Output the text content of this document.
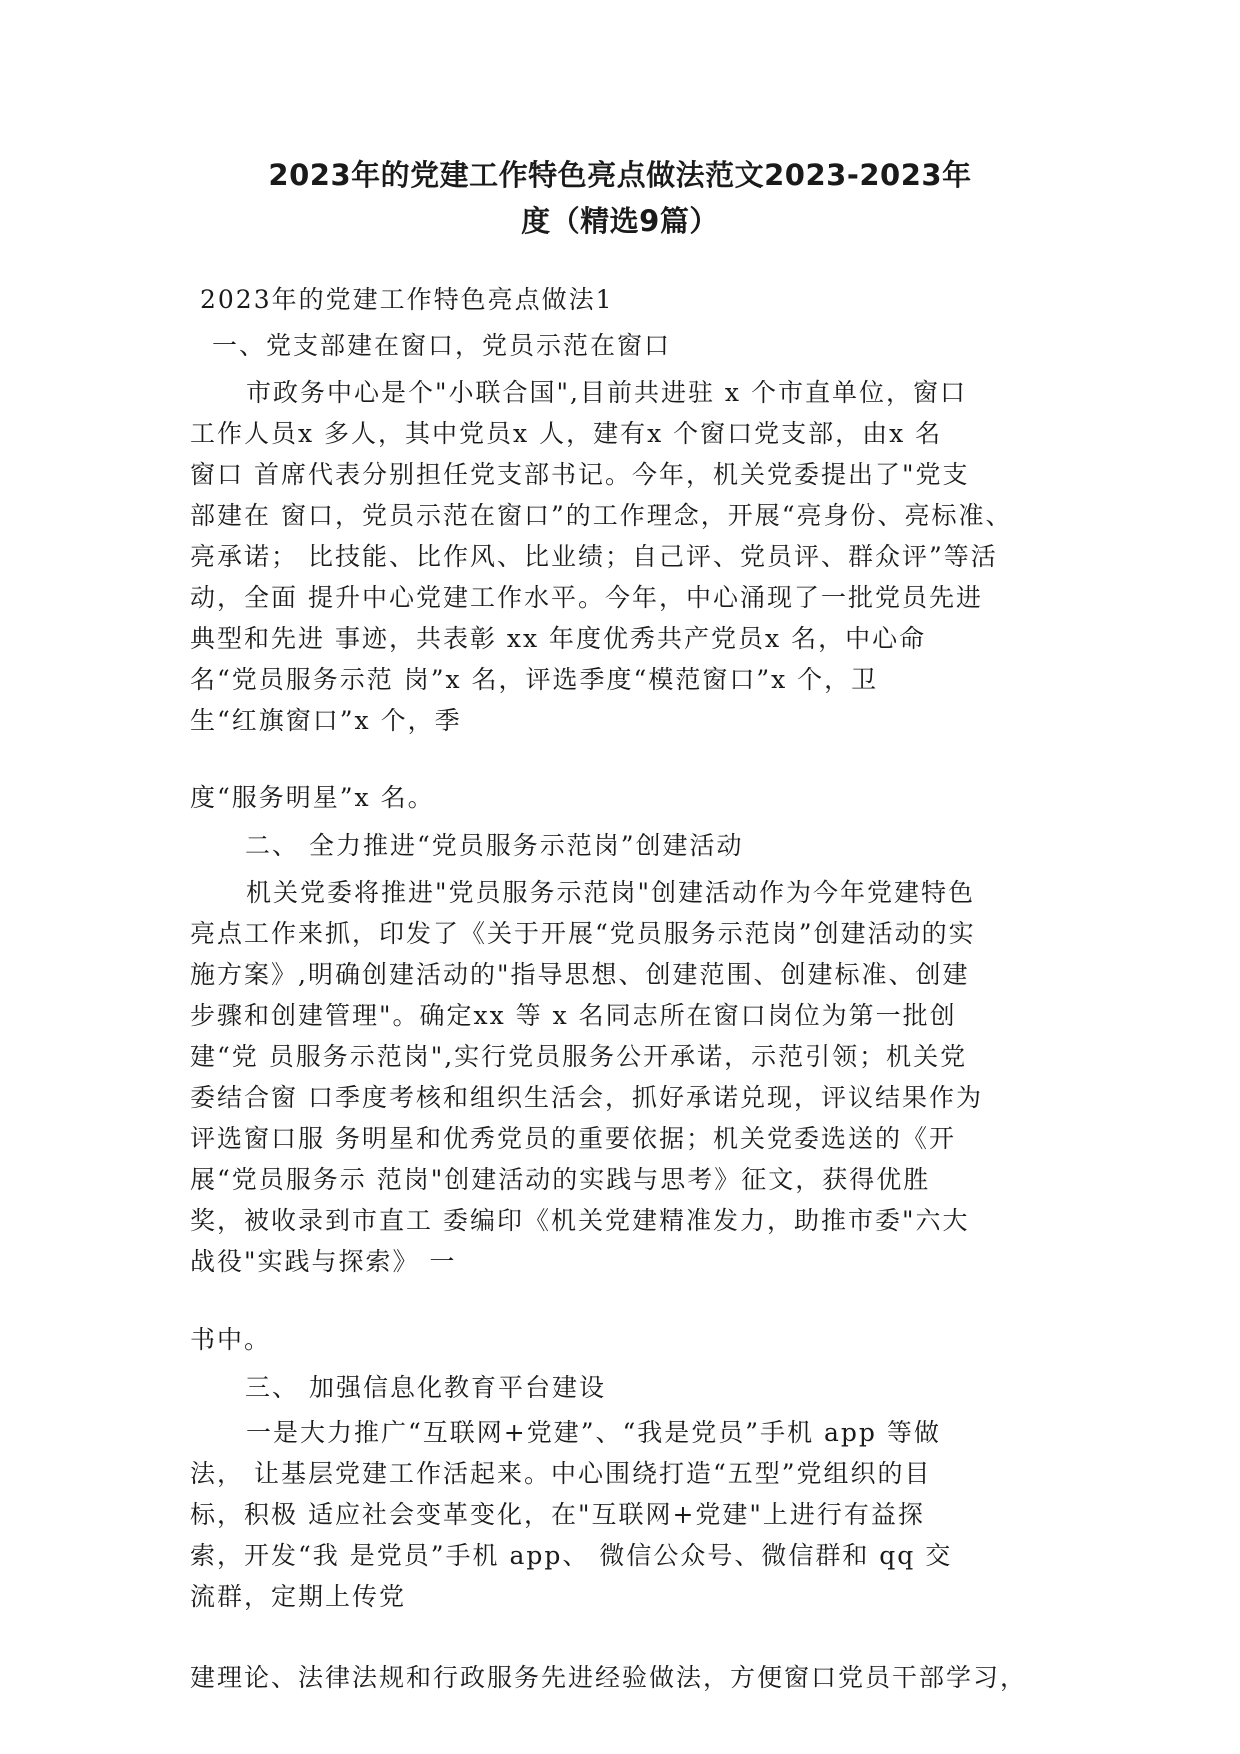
2023年的党建工作特色亮点做法范文2023-2023年
度（精选9篇）

2023年的党建工作特色亮点做法1

一、党支部建在窗口，党员示范在窗口

市政务中心是个"小联合国",目前共进驻 x 个市直单位，窗口
工作人员x 多人，其中党员x 人，建有x 个窗口党支部，由x 名
窗口 首席代表分别担任党支部书记。今年，机关党委提出了"党支
部建在 窗口，党员示范在窗口”的工作理念，开展“亮身份、亮标准、
亮承诺； 比技能、比作风、比业绩；自己评、党员评、群众评”等活
动，全面 提升中心党建工作水平。今年，中心涌现了一批党员先进
典型和先进 事迹，共表彰 xx 年度优秀共产党员x 名，中心命
名“党员服务示范 岗”x 名，评选季度“模范窗口”x 个，卫
生“红旗窗口”x 个，季

度“服务明星”x 名。

二、 全力推进“党员服务示范岗”创建活动

机关党委将推进"党员服务示范岗"创建活动作为今年党建特色
亮点工作来抓，印发了《关于开展“党员服务示范岗”创建活动的实
施方案》,明确创建活动的"指导思想、创建范围、创建标准、创建
步骤和创建管理"。确定xx 等 x 名同志所在窗口岗位为第一批创
建“党 员服务示范岗",实行党员服务公开承诺，示范引领；机关党
委结合窗 口季度考核和组织生活会，抓好承诺兑现，评议结果作为
评选窗口服 务明星和优秀党员的重要依据；机关党委选送的《开
展“党员服务示 范岗"创建活动的实践与思考》征文，获得优胜
奖，被收录到市直工 委编印《机关党建精准发力，助推市委"六大
战役"实践与探索》 一

书中。

三、 加强信息化教育平台建设

一是大力推广“互联网+党建”、“我是党员”手机 app 等做
法， 让基层党建工作活起来。中心围绕打造“五型”党组织的目
标，积极 适应社会变革变化，在"互联网+党建"上进行有益探
索，开发“我 是党员”手机 app、 微信公众号、微信群和 qq 交
流群，定期上传党

建理论、法律法规和行政服务先进经验做法，方便窗口党员干部学习，
